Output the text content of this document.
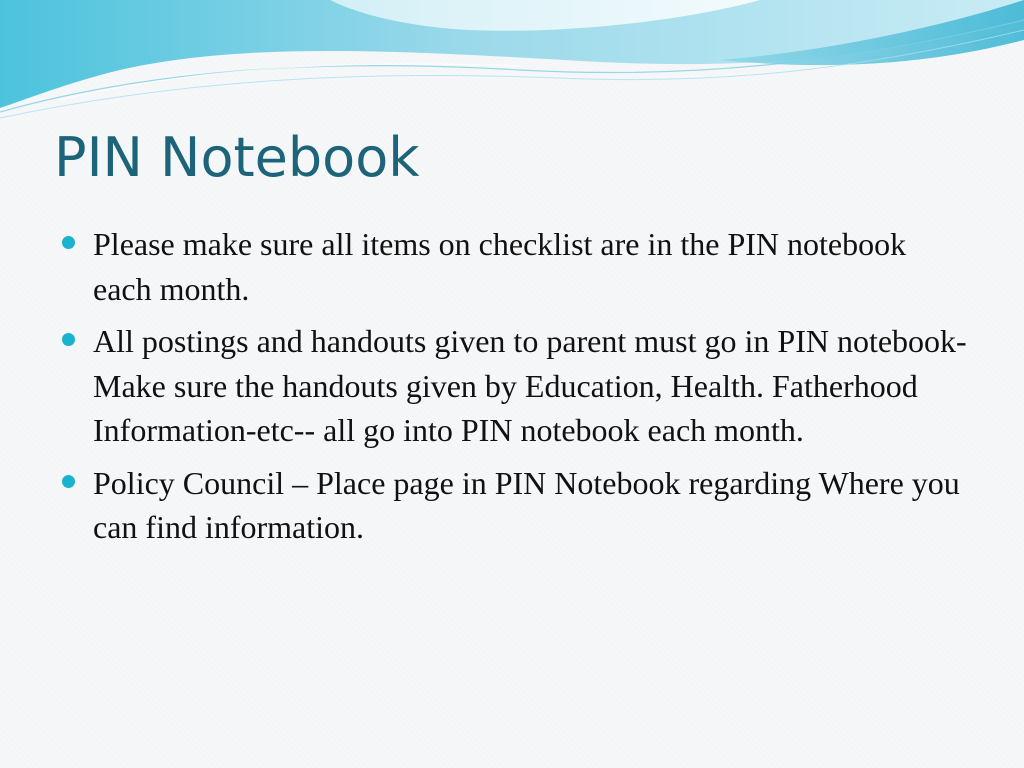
PIN Notebook
Please make sure all items on checklist are in the PIN notebook each month.
All postings and handouts given to parent must go in PIN notebook-  Make sure the handouts given by Education, Health. Fatherhood Information-etc-- all go into PIN notebook each month.
Policy Council – Place page in PIN Notebook regarding Where you can find information.
